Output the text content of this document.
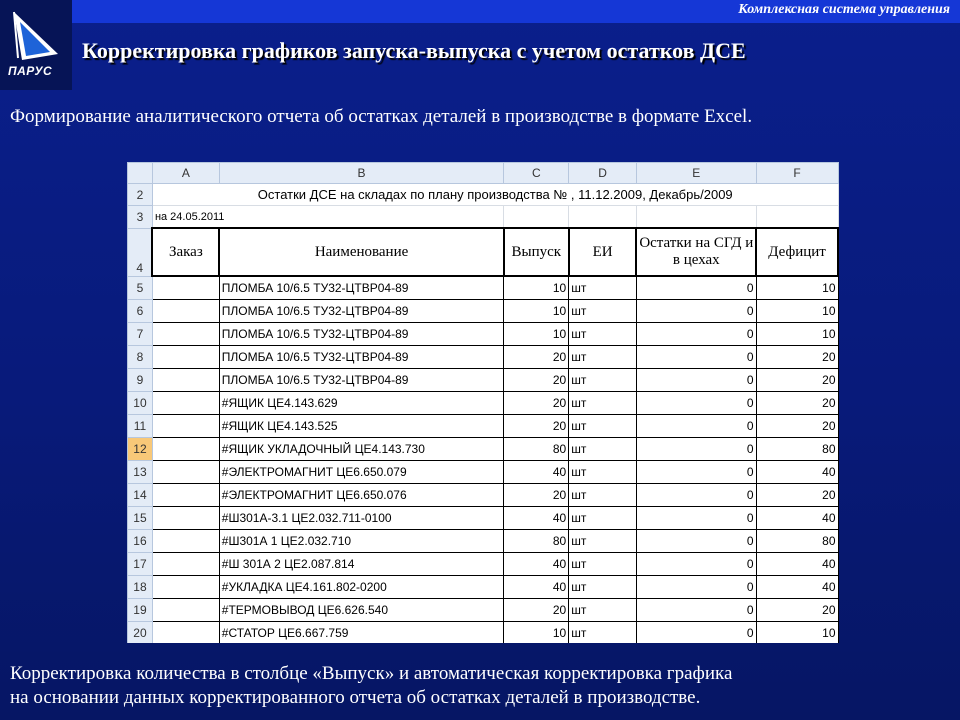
Комплексная система управления
ПАРУС
Корректировка графиков запуска-выпуска с учетом остатков ДСЕ
Формирование аналитического отчета об остатках деталей в производстве в формате Excel.
	A	B	C	D	E	F
2	Остатки ДСЕ на складах по плану производства № , 11.12.2009, Декабрь/2009					
3	на 24.05.2011					
4	Заказ	Наименование	Выпуск	ЕИ	Остатки на СГД и в цехах	Дефицит
5		ПЛОМБА 10/6.5 ТУ32-ЦТВР04-89	10	шт	0	10
6		ПЛОМБА 10/6.5 ТУ32-ЦТВР04-89	10	шт	0	10
7		ПЛОМБА 10/6.5 ТУ32-ЦТВР04-89	10	шт	0	10
8		ПЛОМБА 10/6.5 ТУ32-ЦТВР04-89	20	шт	0	20
9		ПЛОМБА 10/6.5 ТУ32-ЦТВР04-89	20	шт	0	20
10		#ЯЩИК ЦЕ4.143.629	20	шт	0	20
11		#ЯЩИК ЦЕ4.143.525	20	шт	0	20
12		#ЯЩИК УКЛАДОЧНЫЙ ЦЕ4.143.730	80	шт	0	80
13		#ЭЛЕКТРОМАГНИТ ЦЕ6.650.079	40	шт	0	40
14		#ЭЛЕКТРОМАГНИТ ЦЕ6.650.076	20	шт	0	20
15		#Ш301А-3.1 ЦЕ2.032.711-0100	40	шт	0	40
16		#Ш301А 1 ЦЕ2.032.710	80	шт	0	80
17		#Ш 301А 2 ЦЕ2.087.814	40	шт	0	40
18		#УКЛАДКА ЦЕ4.161.802-0200	40	шт	0	40
19		#ТЕРМОВЫВОД ЦЕ6.626.540	20	шт	0	20
20		#СТАТОР ЦЕ6.667.759	10	шт	0	10

Корректировка количества в столбце «Выпуск» и автоматическая корректировка графика
на основании данных корректированного отчета об остатках деталей в производстве.
